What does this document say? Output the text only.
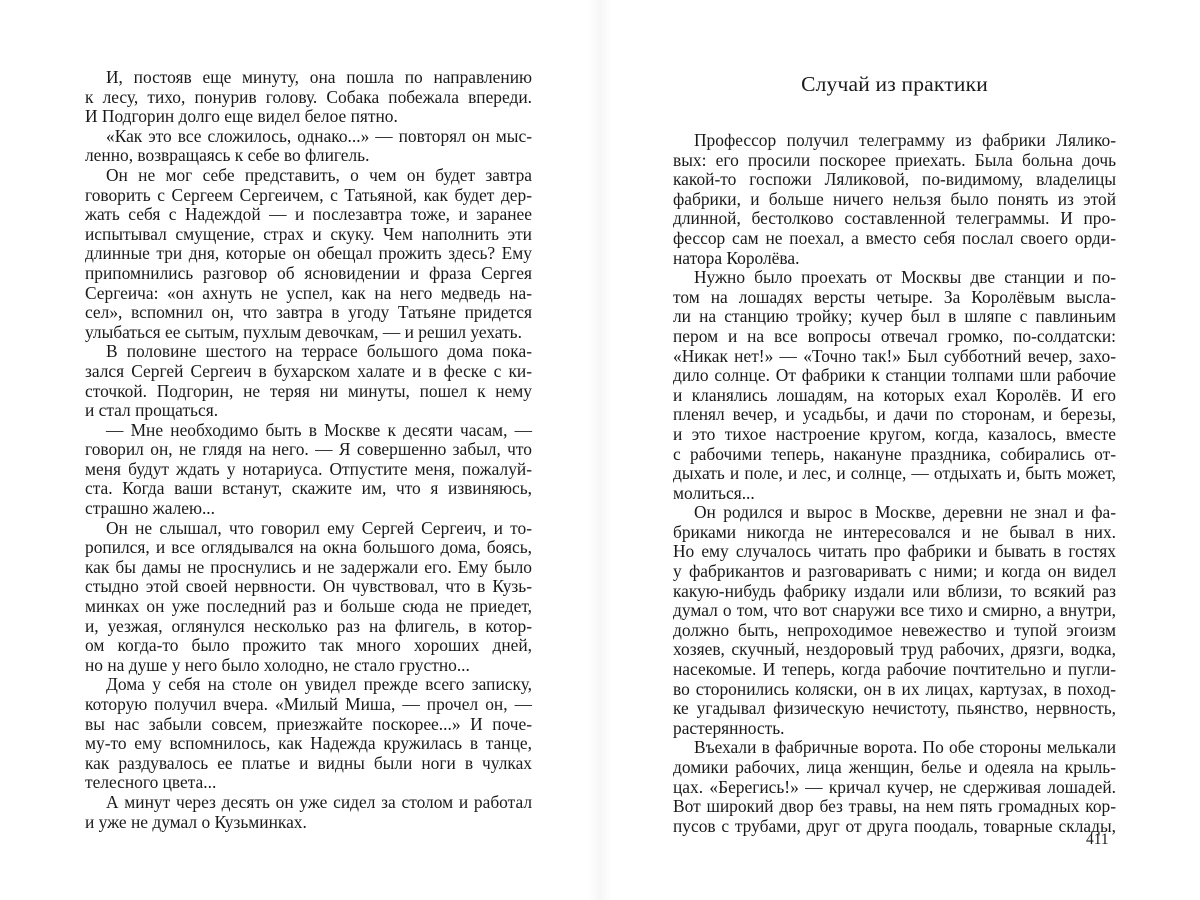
И, постояв еще минуту, она пошла по направлению
к лесу, тихо, понурив голову. Собака побежала впереди.
И Подгорин долго еще видел белое пятно.
«Как это все сложилось, однако...» — повторял он мыс-
ленно, возвращаясь к себе во флигель.
Он не мог себе представить, о чем он будет завтра
говорить с Сергеем Сергеичем, с Татьяной, как будет дер-
жать себя с Надеждой — и послезавтра тоже, и заранее
испытывал смущение, страх и скуку. Чем наполнить эти
длинные три дня, которые он обещал прожить здесь? Ему
припомнились разговор об ясновидении и фраза Сергея
Сергеича: «он ахнуть не успел, как на него медведь на-
сел», вспомнил он, что завтра в угоду Татьяне придется
улыбаться ее сытым, пухлым девочкам, — и решил уехать.
В половине шестого на террасе большого дома пока-
зался Сергей Сергеич в бухарском халате и в феске с ки-
сточкой. Подгорин, не теряя ни минуты, пошел к нему
и стал прощаться.
— Мне необходимо быть в Москве к десяти часам, —
говорил он, не глядя на него. — Я совершенно забыл, что
меня будут ждать у нотариуса. Отпустите меня, пожалуй-
ста. Когда ваши встанут, скажите им, что я извиняюсь,
страшно жалею...
Он не слышал, что говорил ему Сергей Сергеич, и то-
ропился, и все оглядывался на окна большого дома, боясь,
как бы дамы не проснулись и не задержали его. Ему было
стыдно этой своей нервности. Он чувствовал, что в Кузь-
минках он уже последний раз и больше сюда не приедет,
и, уезжая, оглянулся несколько раз на флигель, в котор-
ом когда-то было прожито так много хороших дней,
но на душе у него было холодно, не стало грустно...
Дома у себя на столе он увидел прежде всего записку,
которую получил вчера. «Милый Миша, — прочел он, —
вы нас забыли совсем, приезжайте поскорее...» И поче-
му-то ему вспомнилось, как Надежда кружилась в танце,
как раздувалось ее платье и видны были ноги в чулках
телесного цвета...
А минут через десять он уже сидел за столом и работал
и уже не думал о Кузьминках.
Случай из практики
Профессор получил телеграмму из фабрики Лялико-
вых: его просили поскорее приехать. Была больна дочь
какой-то госпожи Ляликовой, по-видимому, владелицы
фабрики, и больше ничего нельзя было понять из этой
длинной, бестолково составленной телеграммы. И про-
фессор сам не поехал, а вместо себя послал своего орди-
натора Королёва.
Нужно было проехать от Москвы две станции и по-
том на лошадях версты четыре. За Королёвым высла-
ли на станцию тройку; кучер был в шляпе с павлиньим
пером и на все вопросы отвечал громко, по-солдатски:
«Никак нет!» — «Точно так!» Был субботний вечер, захо-
дило солнце. От фабрики к станции толпами шли рабочие
и кланялись лошадям, на которых ехал Королёв. И его
пленял вечер, и усадьбы, и дачи по сторонам, и березы,
и это тихое настроение кругом, когда, казалось, вместе
с рабочими теперь, накануне праздника, собирались от-
дыхать и поле, и лес, и солнце, — отдыхать и, быть может,
молиться...
Он родился и вырос в Москве, деревни не знал и фа-
бриками никогда не интересовался и не бывал в них.
Но ему случалось читать про фабрики и бывать в гостях
у фабрикантов и разговаривать с ними; и когда он видел
какую-нибудь фабрику издали или вблизи, то всякий раз
думал о том, что вот снаружи все тихо и смирно, а внутри,
должно быть, непроходимое невежество и тупой эгоизм
хозяев, скучный, нездоровый труд рабочих, дрязги, водка,
насекомые. И теперь, когда рабочие почтительно и пугли-
во сторонились коляски, он в их лицах, картузах, в поход-
ке угадывал физическую нечистоту, пьянство, нервность,
растерянность.
Въехали в фабричные ворота. По обе стороны мелькали
домики рабочих, лица женщин, белье и одеяла на крыль-
цах. «Берегись!» — кричал кучер, не сдерживая лошадей.
Вот широкий двор без травы, на нем пять громадных кор-
пусов с трубами, друг от друга поодаль, товарные склады,
411
